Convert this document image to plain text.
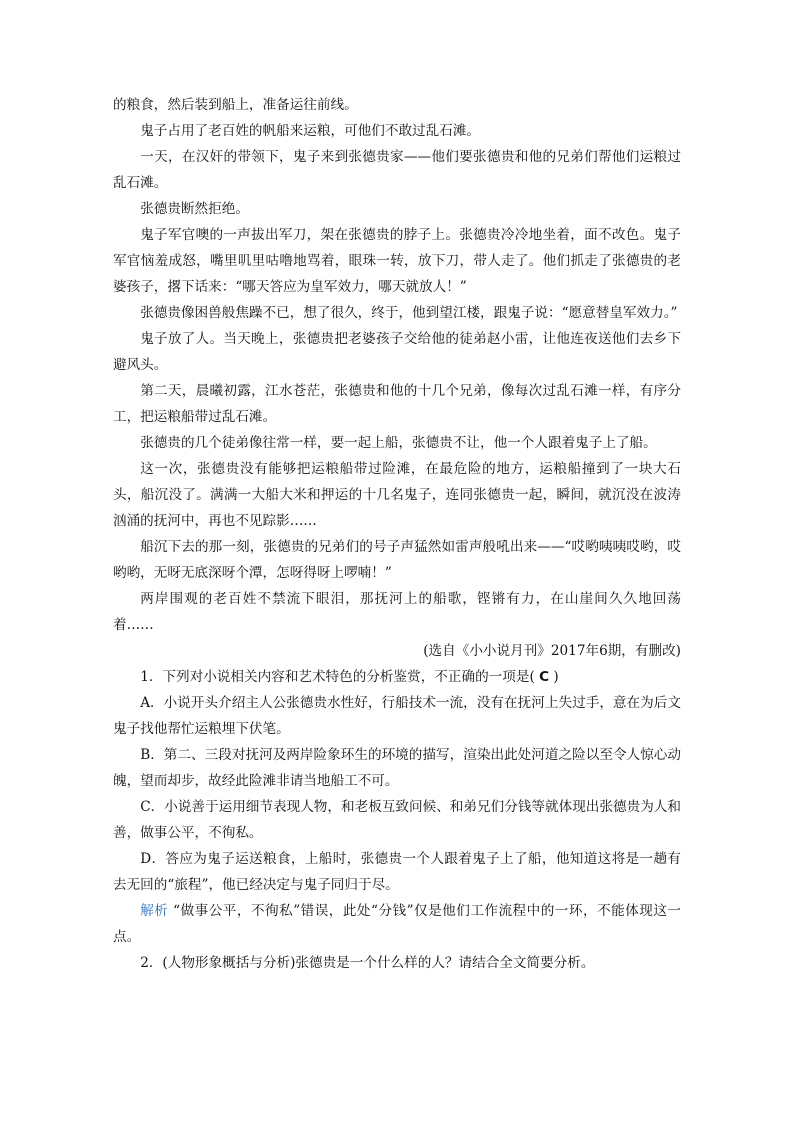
的粮食，然后装到船上，准备运往前线。

鬼子占用了老百姓的帆船来运粮，可他们不敢过乱石滩。

一天，在汉奸的带领下，鬼子来到张德贵家——他们要张德贵和他的兄弟们帮他们运粮过乱石滩。

张德贵断然拒绝。

鬼子军官噢的一声拔出军刀，架在张德贵的脖子上。张德贵冷冷地坐着，面不改色。鬼子军官恼羞成怒，嘴里叽里咕噜地骂着，眼珠一转，放下刀，带人走了。他们抓走了张德贵的老婆孩子，撂下话来：“哪天答应为皇军效力，哪天就放人！”

张德贵像困兽般焦躁不已，想了很久，终于，他到望江楼，跟鬼子说：“愿意替皇军效力。”

鬼子放了人。当天晚上，张德贵把老婆孩子交给他的徒弟赵小雷，让他连夜送他们去乡下避风头。

第二天，晨曦初露，江水苍茫，张德贵和他的十几个兄弟，像每次过乱石滩一样，有序分工，把运粮船带过乱石滩。

张德贵的几个徒弟像往常一样，要一起上船，张德贵不让，他一个人跟着鬼子上了船。

这一次，张德贵没有能够把运粮船带过险滩，在最危险的地方，运粮船撞到了一块大石头，船沉没了。满满一大船大米和押运的十几名鬼子，连同张德贵一起，瞬间，就沉没在波涛汹涌的抚河中，再也不见踪影……

船沉下去的那一刻，张德贵的兄弟们的号子声猛然如雷声般吼出来——“哎哟咦咦哎哟，哎哟哟，无呀无底深呀个潭，怎呀得呀上啰喃！”

两岸围观的老百姓不禁流下眼泪，那抚河上的船歌，铿锵有力，在山崖间久久地回荡着……

(选自《小小说月刊》2017年6期，有删改)

1．下列对小说相关内容和艺术特色的分析鉴赏，不正确的一项是( C )

A．小说开头介绍主人公张德贵水性好，行船技术一流，没有在抚河上失过手，意在为后文鬼子找他帮忙运粮埋下伏笔。

B．第二、三段对抚河及两岸险象环生的环境的描写，渲染出此处河道之险以至令人惊心动魄，望而却步，故经此险滩非请当地船工不可。

C．小说善于运用细节表现人物，和老板互致问候、和弟兄们分钱等就体现出张德贵为人和善，做事公平，不徇私。

D．答应为鬼子运送粮食，上船时，张德贵一个人跟着鬼子上了船，他知道这将是一趟有去无回的“旅程”，他已经决定与鬼子同归于尽。

解析 “做事公平，不徇私”错误，此处“分钱”仅是他们工作流程中的一环，不能体现这一点。

2．(人物形象概括与分析)张德贵是一个什么样的人？请结合全文简要分析。
